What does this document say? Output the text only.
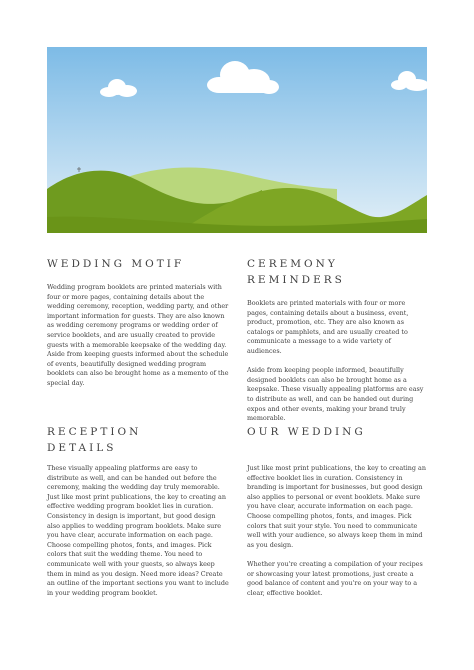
WEDDING MOTIF
Wedding program booklets are printed materials with four or more pages, containing details about the wedding ceremony, reception, wedding party, and other important information for guests. They are also known as wedding ceremony programs or wedding order of service booklets, and are usually created to provide guests with a memorable keepsake of the wedding day.
Aside from keeping guests informed about the schedule of events, beautifully designed wedding program booklets can also be brought home as a memento of the special day.
CEREMONY REMINDERS
Booklets are printed materials with four or more pages, containing details about a business, event, product, promotion, etc. They are also known as catalogs or pamphlets, and are usually created to communicate a message to a wide variety of audiences.
Aside from keeping people informed, beautifully designed booklets can also be brought home as a keepsake. These visually appealing platforms are easy to distribute as well, and can be handed out during expos and other events, making your brand truly memorable.
RECEPTION
DETAILS
These visually appealing platforms are easy to distribute as well, and can be handed out before the ceremony, making the wedding day truly memorable. Just like most print publications, the key to creating an effective wedding program booklet lies in curation. Consistency in design is important, but good design also applies to wedding program booklets. Make sure you have clear, accurate information on each page. Choose compelling photos, fonts, and images. Pick colors that suit the wedding theme. You need to communicate well with your guests, so always keep them in mind as you design. Need more ideas? Create an outline of the important sections you want to include in your wedding program booklet.
OUR WEDDING
Just like most print publications, the key to creating an effective booklet lies in curation. Consistency in branding is important for businesses, but good design also applies to personal or event booklets. Make sure you have clear, accurate information on each page. Choose compelling photos, fonts, and images. Pick colors that suit your style. You need to communicate well with your audience, so always keep them in mind as you design.
Whether you're creating a compilation of your recipes or showcasing your latest promotions, just create a good balance of content and you're on your way to a clear, effective booklet.
